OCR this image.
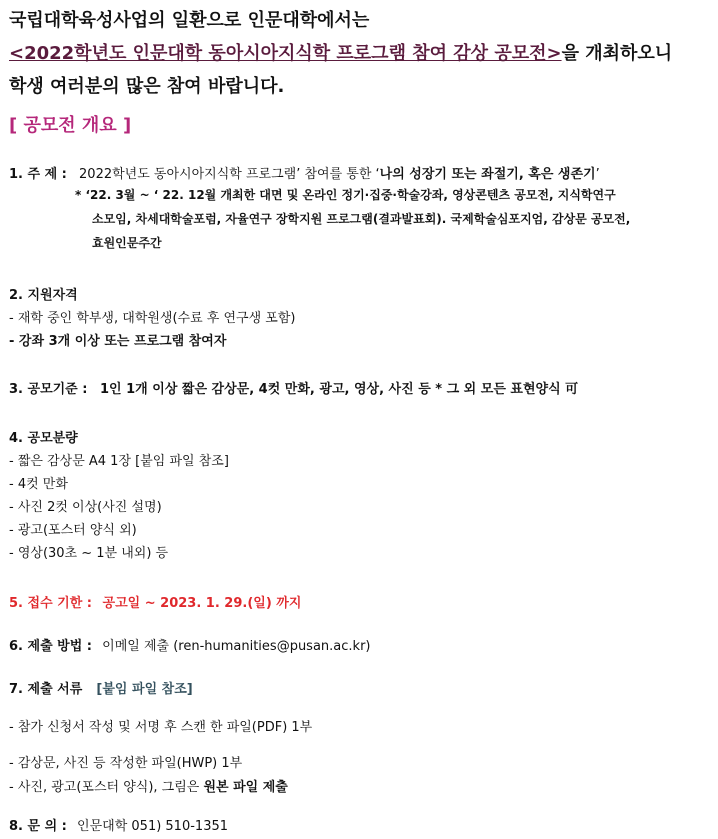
국립대학육성사업의 일환으로 인문대학에서는
<2022학년도 인문대학 동아시아지식학 프로그램 참여 감상 공모전>을 개최하오니
학생 여러분의 많은 참여 바랍니다.
[ 공모전 개요 ]
1. 주 제 : 2022학년도 동아시아지식학 프로그램’ 참여를 통한 ‘나의 성장기 또는 좌절기, 혹은 생존기’
* ‘22. 3월 ~ ‘ 22. 12월 개최한 대면 및 온라인 정기·집중·학술강좌, 영상콘텐츠 공모전, 지식학연구
소모임, 차세대학술포럼, 자율연구 장학지원 프로그램(결과발표회). 국제학술심포지엄, 감상문 공모전,
효원인문주간
2. 지원자격
- 재학 중인 학부생, 대학원생(수료 후 연구생 포함)
- 강좌 3개 이상 또는 프로그램 참여자
3. 공모기준 : 1인 1개 이상 짧은 감상문, 4컷 만화, 광고, 영상, 사진 등 * 그 외 모든 표현양식 可
4. 공모분량
- 짧은 감상문 A4 1장 [붙임 파일 참조]
- 4컷 만화
- 사진 2컷 이상(사진 설명)
- 광고(포스터 양식 외)
- 영상(30초 ~ 1분 내외) 등
5. 접수 기한 : 공고일 ~ 2023. 1. 29.(일) 까지
6. 제출 방법 : 이메일 제출 (ren-humanities@pusan.ac.kr)
7. 제출 서류 [붙임 파일 참조]
- 참가 신청서 작성 및 서명 후 스캔 한 파일(PDF) 1부
- 감상문, 사진 등 작성한 파일(HWP) 1부
- 사진, 광고(포스터 양식), 그림은 원본 파일 제출
8. 문 의 : 인문대학 051) 510-1351
